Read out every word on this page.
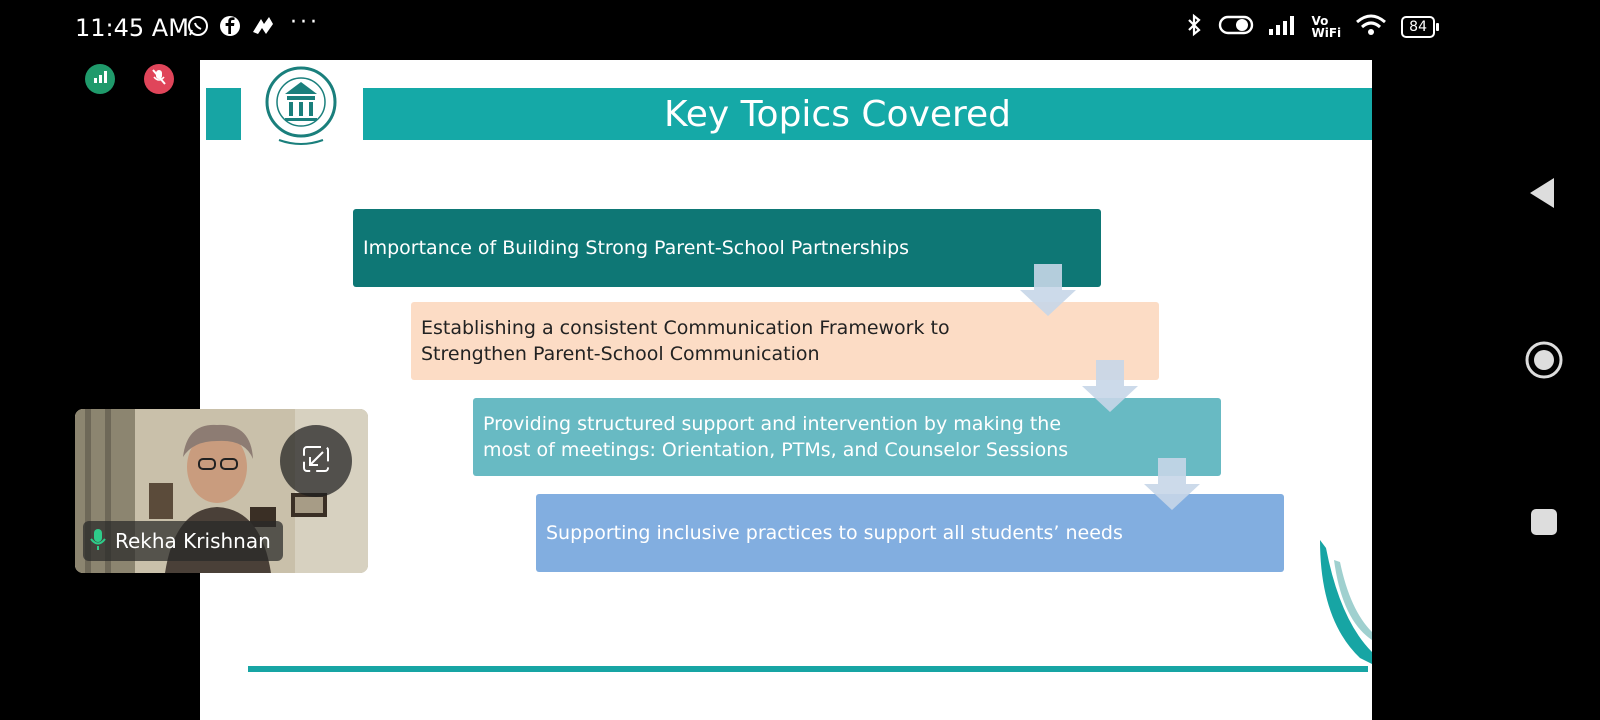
11:45 AM	···	Vo
WiFi	84
Key Topics Covered
Importance of Building Strong Parent-School Partnerships
Establishing a consistent Communication Framework to Strengthen Parent-School Communication
Providing structured support and intervention by making the most of meetings: Orientation, PTMs, and Counselor Sessions
Supporting inclusive practices to support all students’ needs
Rekha Krishnan
